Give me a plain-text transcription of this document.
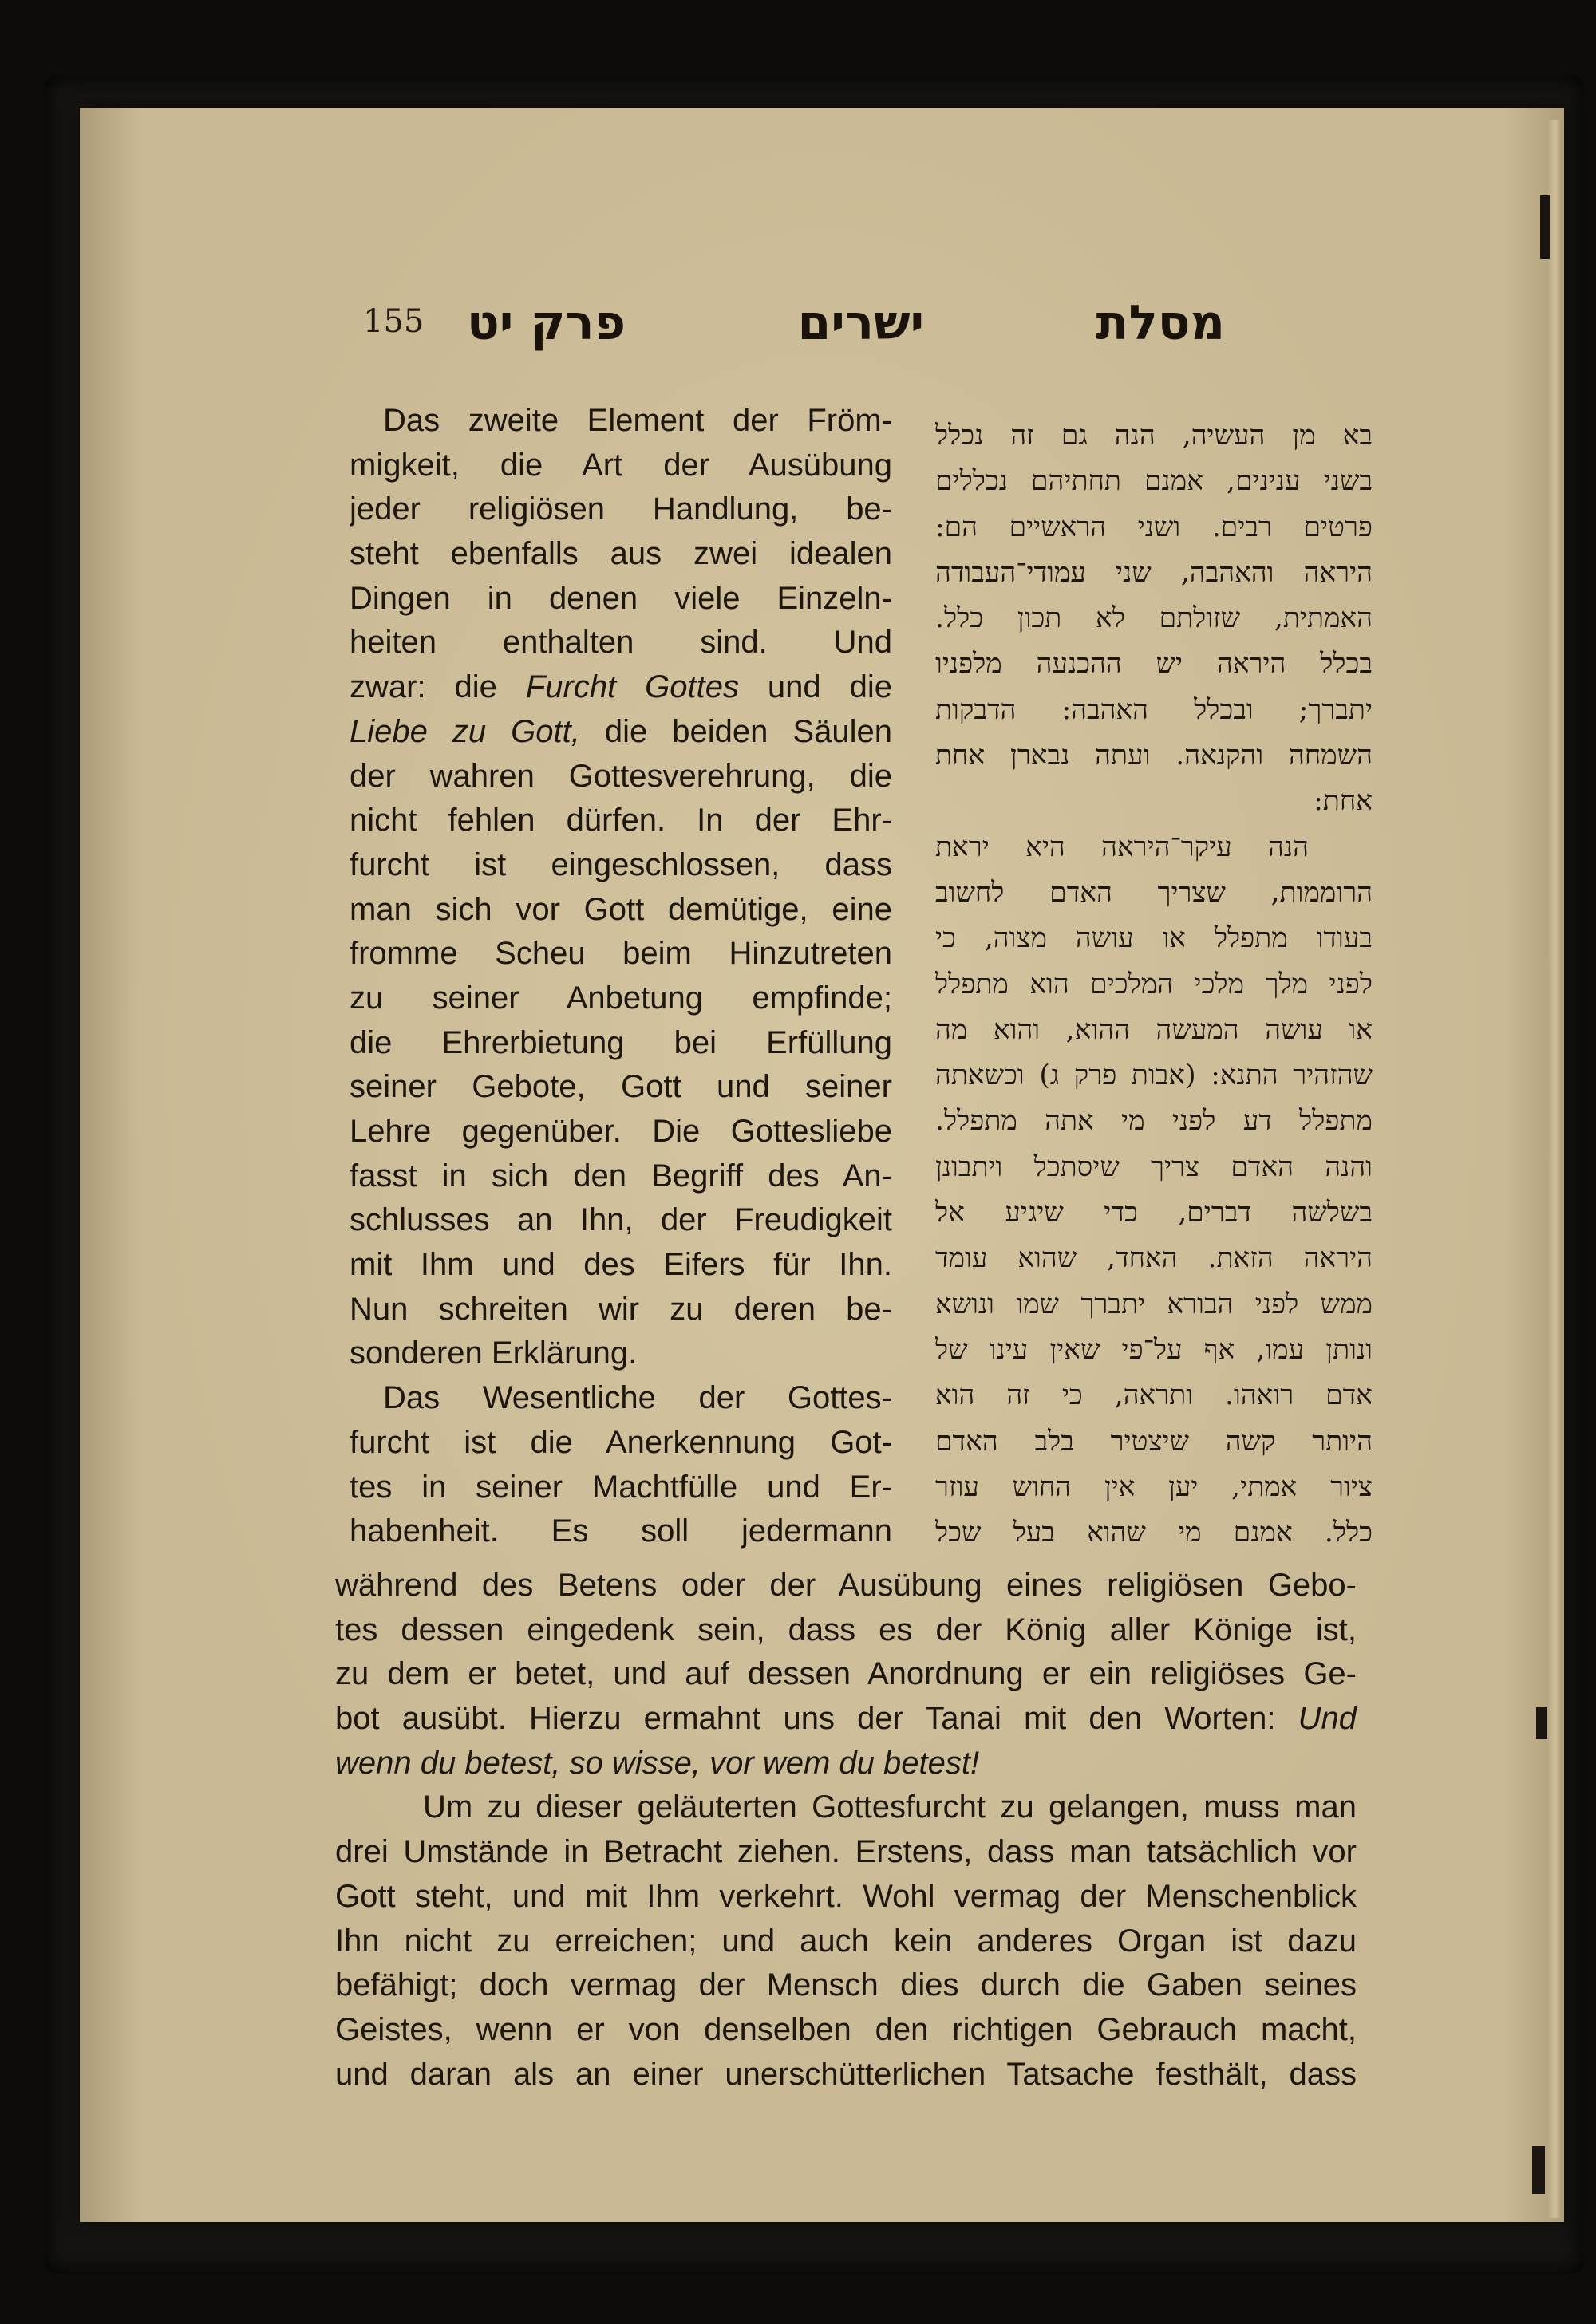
155	מסלת
ישרים
פרק יט
Das zweite Element der Fröm-
migkeit, die Art der Ausübung
jeder religiösen Handlung, be-
steht ebenfalls aus zwei idealen
Dingen in denen viele Einzeln-
heiten enthalten sind. Und
zwar: die Furcht Gottes und die
Liebe zu Gott, die beiden Säulen
der wahren Gottesverehrung, die
nicht fehlen dürfen. In der Ehr-
furcht ist eingeschlossen, dass
man sich vor Gott demütige, eine
fromme Scheu beim Hinzutreten
zu seiner Anbetung empfinde;
die Ehrerbietung bei Erfüllung
seiner Gebote, Gott und seiner
Lehre gegenüber. Die Gottesliebe
fasst in sich den Begriff des An-
schlusses an Ihn, der Freudigkeit
mit Ihm und des Eifers für Ihn.
Nun schreiten wir zu deren be-
sonderen Erklärung.
Das Wesentliche der Gottes-
furcht ist die Anerkennung Got-
tes in seiner Machtfülle und Er-
habenheit. Es soll jedermann
בא מן העשיה, הנה גם זה נכלל
בשני ענינים, אמנם תחתיהם נכללים
פרטים רבים. ושני הראשיים הם:
היראה והאהבה, שני עמודי־העבודה
האמתית, שזולתם לא תכון כלל.
בכלל היראה יש ההכנעה מלפניו
יתברך; ובכלל האהבה: הדבקות
השמחה והקנאה. ועתה נבארן אחת
אחת:
הנה עיקר־היראה היא יראת
הרוממות, שצריך האדם לחשוב
בעודו מתפלל או עושה מצוה, כי
לפני מלך מלכי המלכים הוא מתפלל
או עושה המעשה ההוא, והוא מה
שהזהיר התנא: (אבות פרק ג) וכשאתה
מתפלל דע לפני מי אתה מתפלל.
והנה האדם צריך שיסתכל ויתבונן
בשלשה דברים, כדי שיגיע אל
היראה הזאת. האחד, שהוא עומד
ממש לפני הבורא יתברך שמו ונושא
ונותן עמו, אף על־פי שאין עינו של
אדם רואהו. ותראה, כי זה הוא
היותר קשה שיצטיר בלב האדם
ציור אמתי, יען אין החוש עוזר
כלל. אמנם מי שהוא בעל שכל
während des Betens oder der Ausübung eines religiösen Gebo-
tes dessen eingedenk sein, dass es der König aller Könige ist,
zu dem er betet, und auf dessen Anordnung er ein religiöses Ge-
bot ausübt. Hierzu ermahnt uns der Tanai mit den Worten: Und
wenn du betest, so wisse, vor wem du betest!
Um zu dieser geläuterten Gottesfurcht zu gelangen, muss man
drei Umstände in Betracht ziehen. Erstens, dass man tatsächlich vor
Gott steht, und mit Ihm verkehrt. Wohl vermag der Menschenblick
Ihn nicht zu erreichen; und auch kein anderes Organ ist dazu
befähigt; doch vermag der Mensch dies durch die Gaben seines
Geistes, wenn er von denselben den richtigen Gebrauch macht,
und daran als an einer unerschütterlichen Tatsache festhält, dass
